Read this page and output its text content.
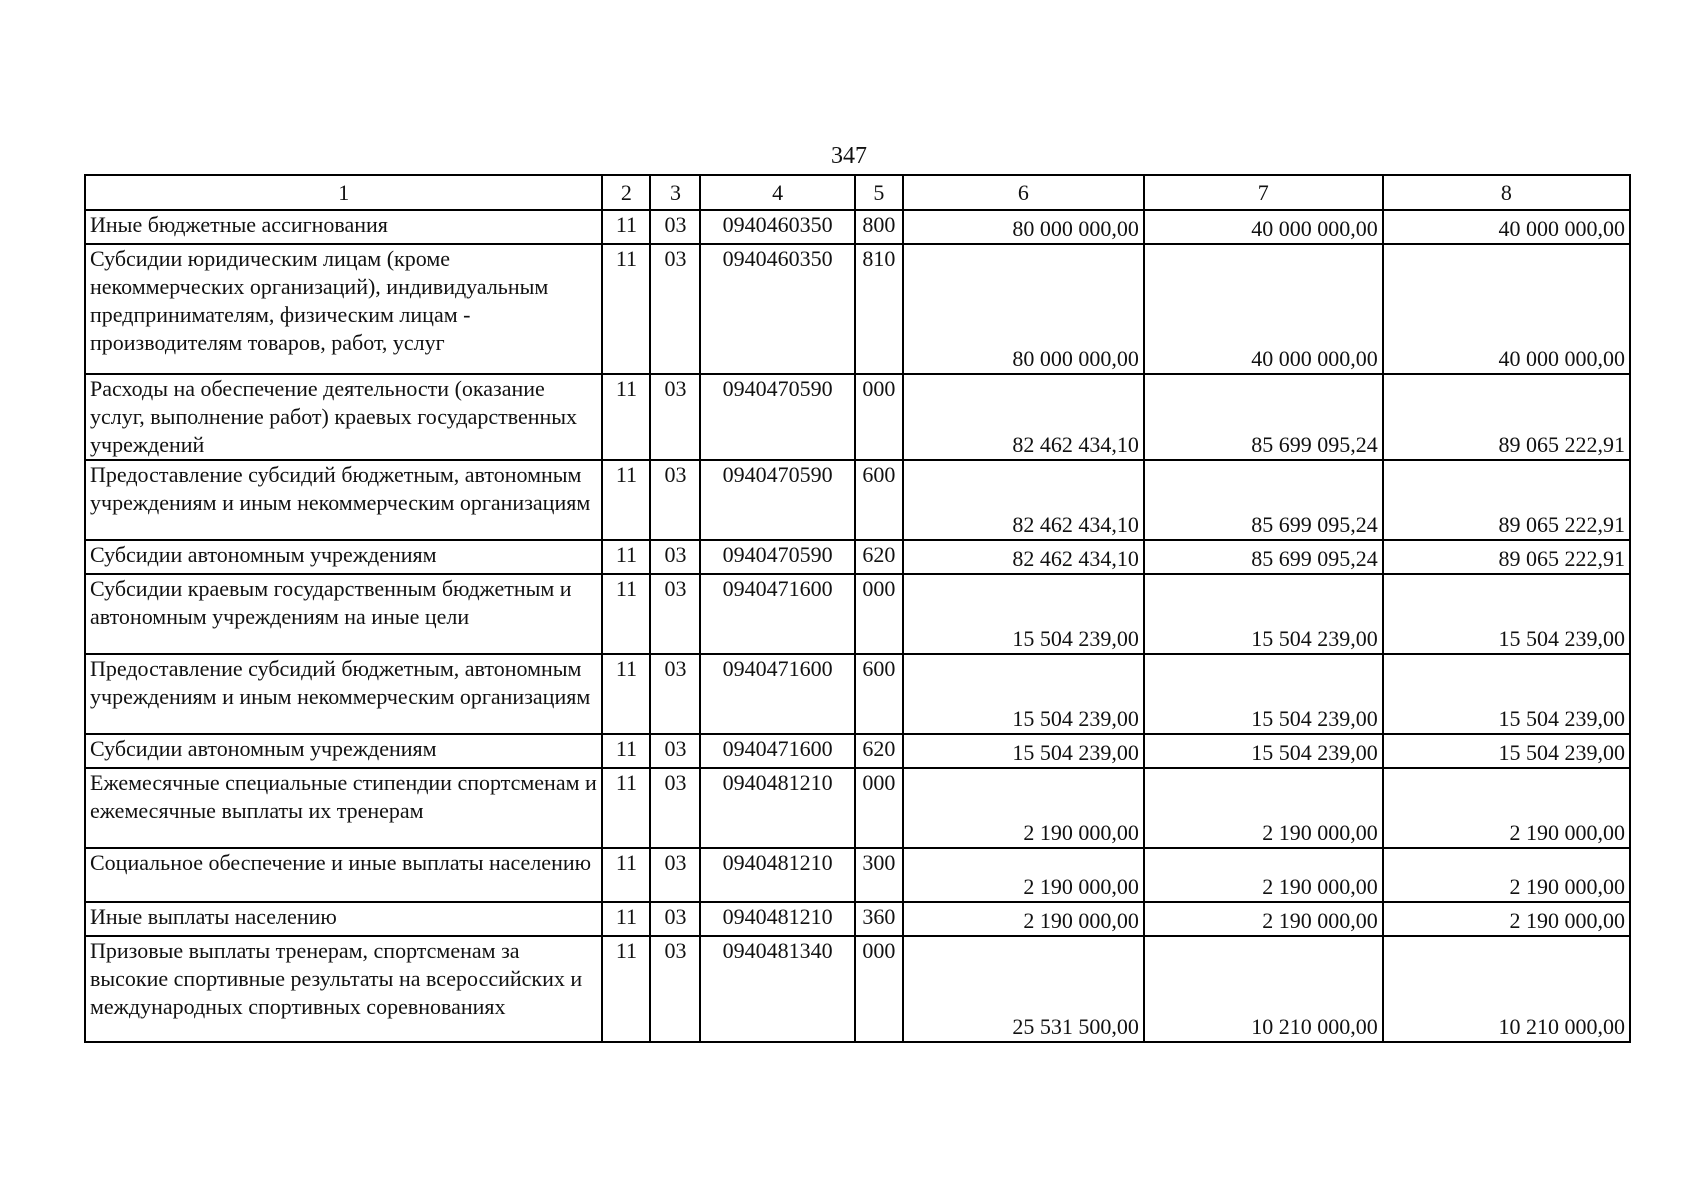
347
1	2	3	4	5	6	7	8
Иные бюджетные ассигнования	11	03	0940460350	800	80 000 000,00	40 000 000,00	40 000 000,00
Субсидии юридическим лицам (кроме некоммерческих организаций), индивидуальным предпринимателям, физическим лицам - производителям товаров, работ, услуг	11	03	0940460350	810	80 000 000,00	40 000 000,00	40 000 000,00
Расходы на обеспечение деятельности (оказание услуг, выполнение работ) краевых государственных учреждений	11	03	0940470590	000	82 462 434,10	85 699 095,24	89 065 222,91
Предоставление субсидий бюджетным, автономным учреждениям и иным некоммерческим организациям	11	03	0940470590	600	82 462 434,10	85 699 095,24	89 065 222,91
Субсидии автономным учреждениям	11	03	0940470590	620	82 462 434,10	85 699 095,24	89 065 222,91
Субсидии краевым государственным бюджетным и автономным учреждениям на иные цели	11	03	0940471600	000	15 504 239,00	15 504 239,00	15 504 239,00
Предоставление субсидий бюджетным, автономным учреждениям и иным некоммерческим организациям	11	03	0940471600	600	15 504 239,00	15 504 239,00	15 504 239,00
Субсидии автономным учреждениям	11	03	0940471600	620	15 504 239,00	15 504 239,00	15 504 239,00
Ежемесячные специальные стипендии спортсменам и ежемесячные выплаты их тренерам	11	03	0940481210	000	2 190 000,00	2 190 000,00	2 190 000,00
Социальное обеспечение и иные выплаты населению	11	03	0940481210	300	2 190 000,00	2 190 000,00	2 190 000,00
Иные выплаты населению	11	03	0940481210	360	2 190 000,00	2 190 000,00	2 190 000,00
Призовые выплаты тренерам, спортсменам за высокие спортивные результаты на всероссийских и международных спортивных соревнованиях	11	03	0940481340	000	25 531 500,00	10 210 000,00	10 210 000,00
